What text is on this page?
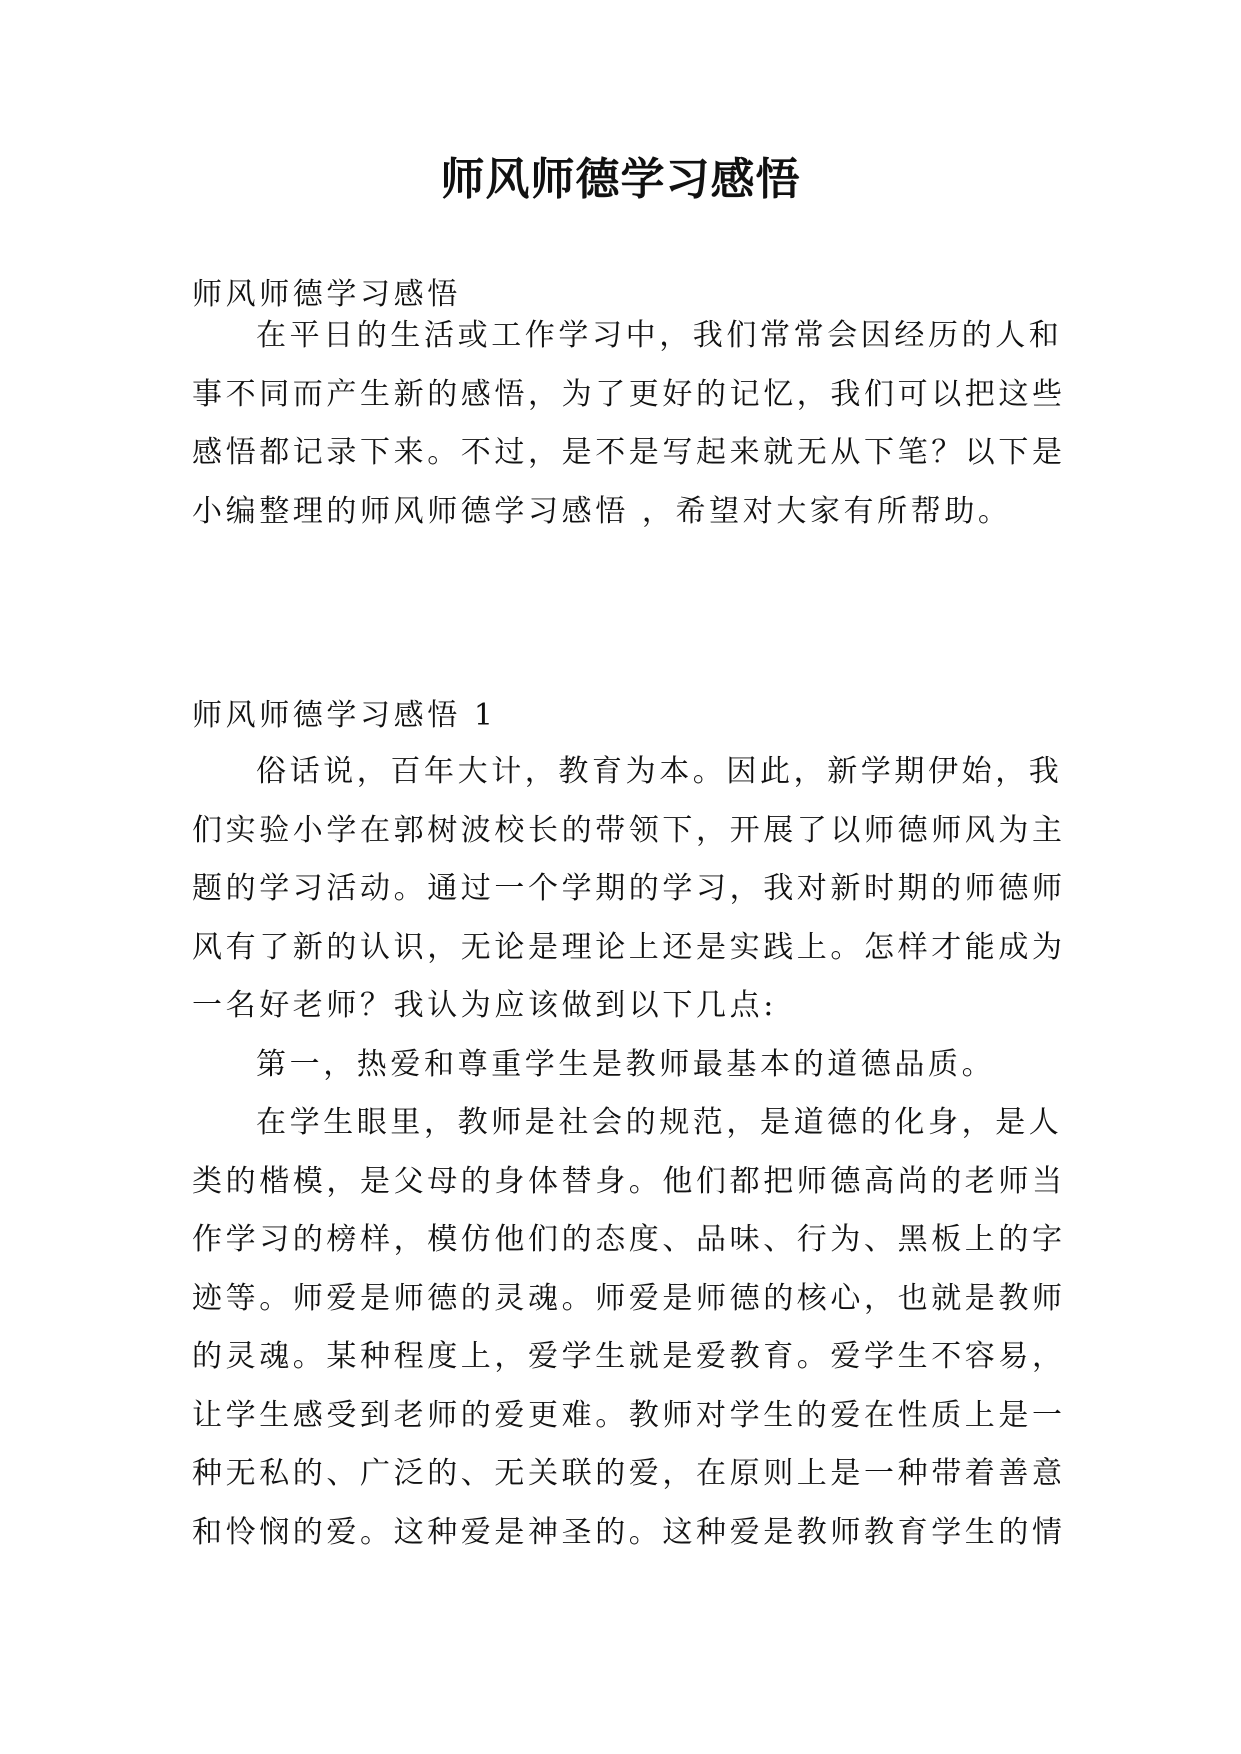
师风师德学习感悟
师风师德学习感悟
在平日的生活或工作学习中，我们常常会因经历的人和
事不同而产生新的感悟，为了更好的记忆，我们可以把这些
感悟都记录下来。不过，是不是写起来就无从下笔？以下是
小编整理的师风师德学习感悟 ，希望对大家有所帮助。
师风师德学习感悟 1
俗话说，百年大计，教育为本。因此，新学期伊始，我
们实验小学在郭树波校长的带领下，开展了以师德师风为主
题的学习活动。通过一个学期的学习，我对新时期的师德师
风有了新的认识，无论是理论上还是实践上。怎样才能成为
一名好老师？我认为应该做到以下几点:
第一，热爱和尊重学生是教师最基本的道德品质。
在学生眼里，教师是社会的规范，是道德的化身，是人
类的楷模，是父母的身体替身。他们都把师德高尚的老师当
作学习的榜样，模仿他们的态度、品味、行为、黑板上的字
迹等。师爱是师德的灵魂。师爱是师德的核心，也就是教师
的灵魂。某种程度上，爱学生就是爱教育。爱学生不容易，
让学生感受到老师的爱更难。教师对学生的爱在性质上是一
种无私的、广泛的、无关联的爱，在原则上是一种带着善意
和怜悯的爱。这种爱是神圣的。这种爱是教师教育学生的情
